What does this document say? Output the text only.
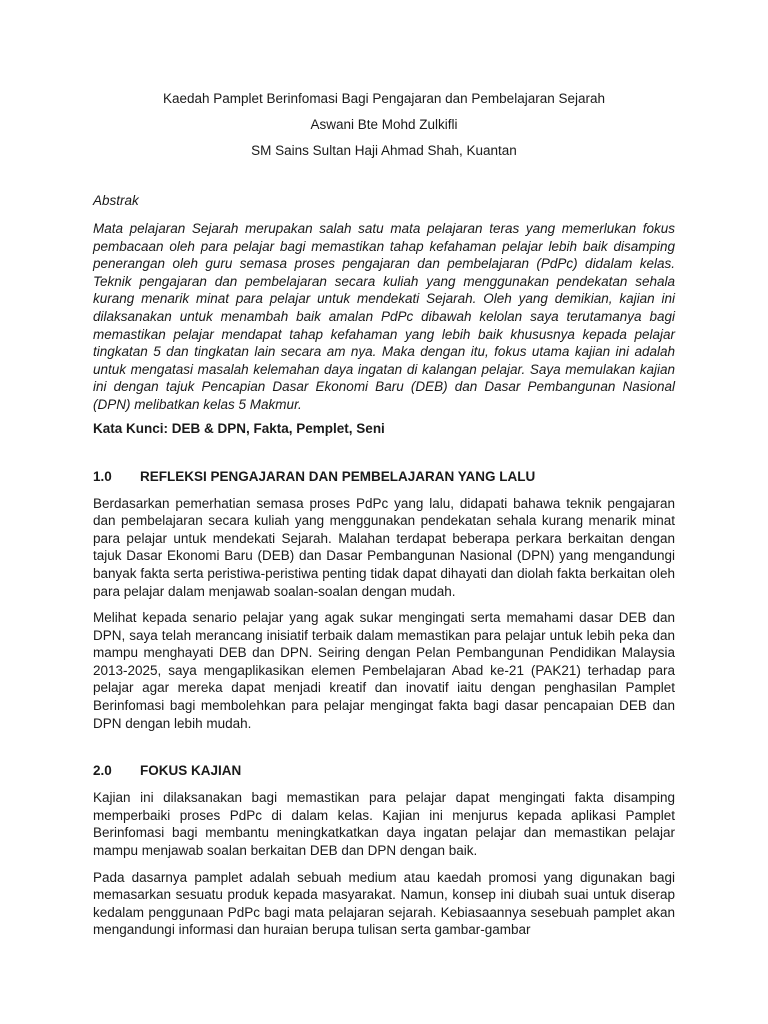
Kaedah Pamplet Berinfomasi Bagi Pengajaran dan Pembelajaran Sejarah

Aswani Bte Mohd Zulkifli

SM Sains Sultan Haji Ahmad Shah, Kuantan

Abstrak
Mata pelajaran Sejarah merupakan salah satu mata pelajaran teras yang memerlukan fokus pembacaan oleh para pelajar bagi memastikan tahap kefahaman pelajar lebih baik disamping penerangan oleh guru semasa proses pengajaran dan pembelajaran (PdPc) didalam kelas. Teknik pengajaran dan pembelajaran secara kuliah yang menggunakan pendekatan sehala kurang menarik minat para pelajar untuk mendekati Sejarah. Oleh yang demikian, kajian ini dilaksanakan untuk menambah baik amalan PdPc dibawah kelolan saya terutamanya bagi memastikan pelajar mendapat tahap kefahaman yang lebih baik khususnya kepada pelajar tingkatan 5 dan tingkatan lain secara am nya. Maka dengan itu, fokus utama kajian ini adalah untuk mengatasi masalah kelemahan daya ingatan di kalangan pelajar. Saya memulakan kajian ini dengan tajuk Pencapian Dasar Ekonomi Baru (DEB) dan Dasar Pembangunan Nasional (DPN) melibatkan kelas 5 Makmur.
Kata Kunci: DEB & DPN, Fakta, Pemplet, Seni
1.0	REFLEKSI PENGAJARAN DAN PEMBELAJARAN YANG LALU
Berdasarkan pemerhatian semasa proses PdPc yang lalu, didapati bahawa teknik pengajaran dan pembelajaran secara kuliah yang menggunakan pendekatan sehala kurang menarik minat para pelajar untuk mendekati Sejarah. Malahan terdapat beberapa perkara berkaitan dengan tajuk Dasar Ekonomi Baru (DEB) dan Dasar Pembangunan Nasional (DPN) yang mengandungi banyak fakta serta peristiwa-peristiwa penting tidak dapat dihayati dan diolah fakta berkaitan oleh para pelajar dalam menjawab soalan-soalan dengan mudah.
Melihat kepada senario pelajar yang agak sukar mengingati serta memahami dasar DEB dan DPN, saya telah merancang inisiatif terbaik dalam memastikan para pelajar untuk lebih peka dan mampu menghayati DEB dan DPN. Seiring dengan Pelan Pembangunan Pendidikan Malaysia 2013-2025, saya mengaplikasikan elemen Pembelajaran Abad ke-21 (PAK21) terhadap para pelajar agar mereka dapat menjadi kreatif dan inovatif iaitu dengan penghasilan Pamplet Berinfomasi bagi membolehkan para pelajar mengingat fakta bagi dasar pencapaian DEB dan DPN dengan lebih mudah.
2.0	FOKUS KAJIAN
Kajian ini dilaksanakan bagi memastikan para pelajar dapat mengingati fakta disamping memperbaiki proses PdPc di dalam kelas. Kajian ini menjurus kepada aplikasi Pamplet Berinfomasi bagi membantu meningkatkatkan daya ingatan pelajar dan memastikan pelajar mampu menjawab soalan berkaitan DEB dan DPN dengan baik.
Pada dasarnya pamplet adalah sebuah medium atau kaedah promosi yang digunakan bagi memasarkan sesuatu produk kepada masyarakat. Namun, konsep ini diubah suai untuk diserap kedalam penggunaan PdPc bagi mata pelajaran sejarah. Kebiasaannya sesebuah pamplet akan mengandungi informasi dan huraian berupa tulisan serta gambar-gambar
